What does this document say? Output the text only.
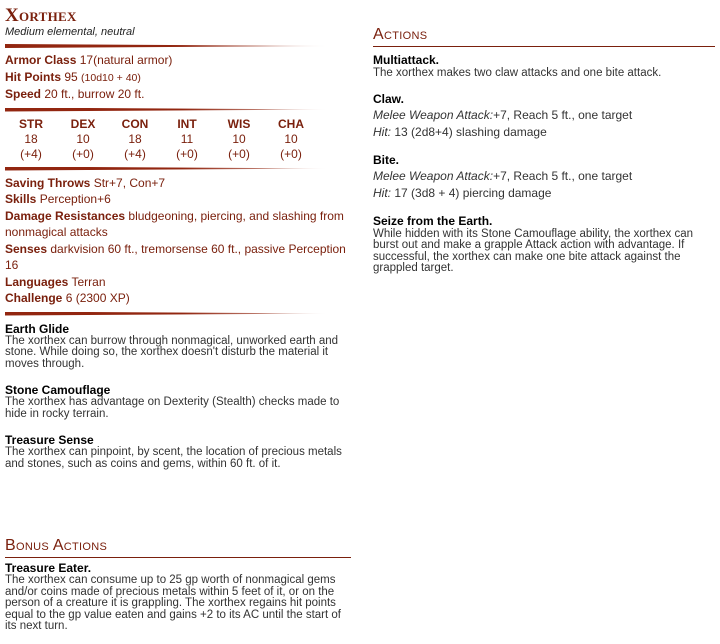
Xorthex
Medium elemental, neutral
Armor Class 17(natural armor)
Hit Points 95 (10d10 + 40)
Speed 20 ft., burrow 20 ft.
STR
18
(+4)
DEX
10
(+0)
CON
18
(+4)
INT
11
(+0)
WIS
10
(+0)
CHA
10
(+0)
Saving Throws Str+7, Con+7
Skills Perception+6
Damage Resistances bludgeoning, piercing, and slashing from nonmagical attacks
Senses darkvision 60 ft., tremorsense 60 ft., passive Perception 16
Languages Terran
Challenge 6 (2300 XP)
Earth Glide
The xorthex can burrow through nonmagical, unworked earth and stone. While doing so, the xorthex doesn't disturb the material it moves through.
Stone Camouflage
The xorthex has advantage on Dexterity (Stealth) checks made to hide in rocky terrain.
Treasure Sense
The xorthex can pinpoint, by scent, the location of precious metals and stones, such as coins and gems, within 60 ft. of it.
Bonus Actions
Treasure Eater.
The xorthex can consume up to 25 gp worth of nonmagical gems and/or coins made of precious metals within 5 feet of it, or on the person of a creature it is grappling. The xorthex regains hit points equal to the gp value eaten and gains +2 to its AC until the start of its next turn.
Actions
Multiattack.
The xorthex makes two claw attacks and one bite attack.
Claw.
Melee Weapon Attack:+7, Reach 5 ft., one target
Hit: 13 (2d8+4) slashing damage
Bite.
Melee Weapon Attack:+7, Reach 5 ft., one target
Hit: 17 (3d8 + 4) piercing damage
Seize from the Earth.
While hidden with its Stone Camouflage ability, the xorthex can burst out and make a grapple Attack action with advantage. If successful, the xorthex can make one bite attack against the grappled target.
